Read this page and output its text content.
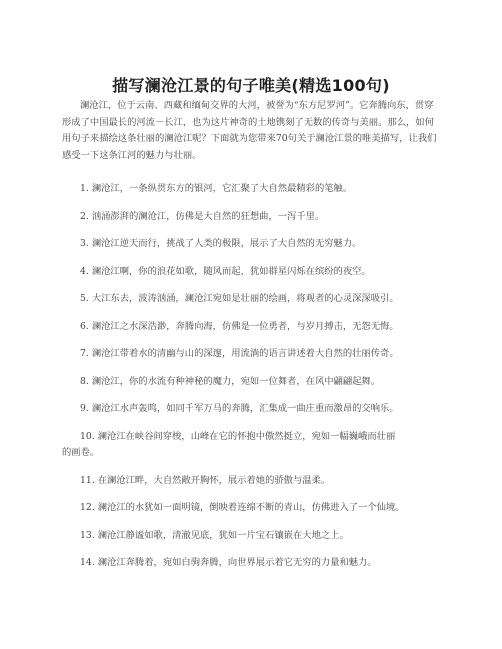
描写澜沧江景的句子唯美(精选100句)

澜沧江，位于云南、西藏和缅甸交界的大河，被誉为“东方尼罗河”。它奔腾向东，贯穿形成了中国最长的河流－长江，也为这片神奇的土地镌刻了无数的传奇与美丽。那么，如何用句子来描绘这条壮丽的澜沧江呢？下面就为您带来70句关于澜沧江景的唯美描写，让我们感受一下这条江河的魅力与壮丽。

1. 澜沧江，一条纵贯东方的银河，它汇聚了大自然最精彩的笔触。
2. 汹涌澎湃的澜沧江，仿佛是大自然的狂想曲，一泻千里。
3. 澜沧江逆天而行，挑战了人类的极限，展示了大自然的无穷魅力。
4. 澜沧江啊，你的浪花如歌，随风而起，犹如群星闪烁在缤纷的夜空。
5. 大江东去，波涛汹涌，澜沧江宛如是壮丽的绘画，将观者的心灵深深吸引。
6. 澜沧江之水深浩渺，奔腾向海，仿佛是一位勇者，与岁月搏击，无怨无悔。
7. 澜沧江带着水的清幽与山的深邃，用流淌的语言讲述着大自然的壮丽传奇。
8. 澜沧江，你的水流有种神秘的魔力，宛如一位舞者，在风中翩翩起舞。
9. 澜沧江水声轰鸣，如同千军万马的奔腾，汇集成一曲庄重而激昂的交响乐。
10. 澜沧江在峡谷间穿梭，山峰在它的怀抱中傲然挺立，宛如一幅巍峨而壮丽
的画卷。
11. 在澜沧江畔，大自然敞开胸怀，展示着她的骄傲与温柔。
12. 澜沧江的水犹如一面明镜，倒映着连绵不断的青山，仿佛进入了一个仙境。
13. 澜沧江静谧如歌，清澈见底，犹如一片宝石镶嵌在大地之上。
14. 澜沧江奔腾着，宛如白驹奔腾，向世界展示着它无穷的力量和魅力。
